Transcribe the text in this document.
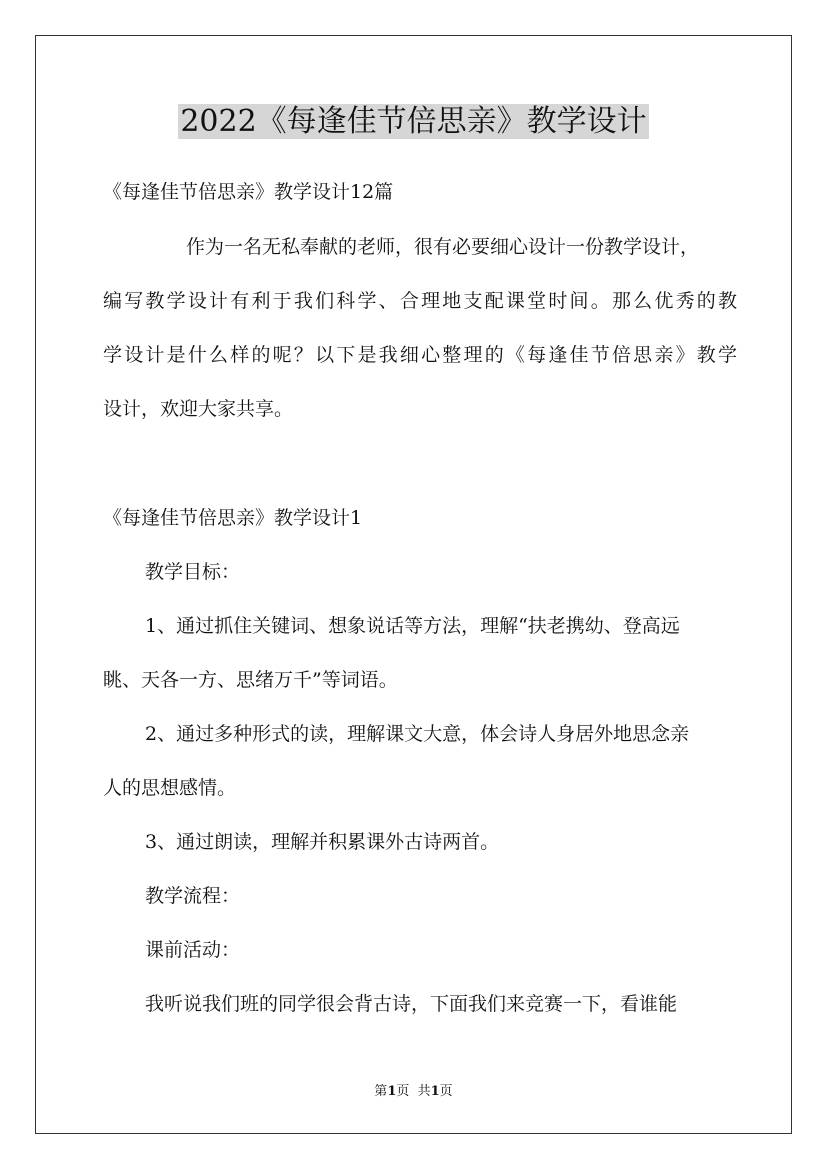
2022《每逢佳节倍思亲》教学设计

《每逢佳节倍思亲》教学设计12篇

作为一名无私奉献的老师，很有必要细心设计一份教学设计，

编写教学设计有利于我们科学、合理地支配课堂时间。那么优秀的教

学设计是什么样的呢？以下是我细心整理的《每逢佳节倍思亲》教学

设计，欢迎大家共享。

《每逢佳节倍思亲》教学设计1

教学目标：

1、通过抓住关键词、想象说话等方法，理解“扶老携幼、登高远

眺、天各一方、思绪万千”等词语。

2、通过多种形式的读，理解课文大意，体会诗人身居外地思念亲

人的思想感情。

3、通过朗读，理解并积累课外古诗两首。

教学流程：

课前活动：

我听说我们班的同学很会背古诗，下面我们来竞赛一下，看谁能

第1页  共1页
